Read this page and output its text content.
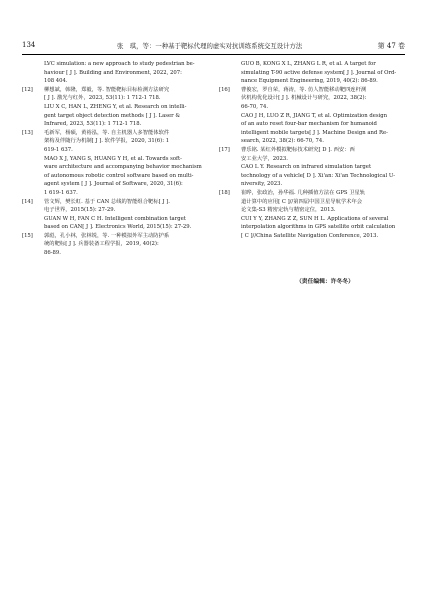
134	张　琪，等：一种基于靶标代理的虚实对抗训练系统交互设计方法	第 47 卷
LVC simulation: a new approach to study pedestrian be-
haviour [ J ]. Building and Environment, 2022, 207:
108 404.
[12]	柳想斌，韩隆，郑毅，等. 智能靶标目标检测方法研究
[ J ]. 激光与红外，2023, 53(11): 1 712-1 718.
LIU X C, HAN L, ZHENG Y, et al. Research on intelli-
gent target object detection methods [ J ]. Laser &
Infrared, 2023, 53(11): 1 712-1 718.
[13]	毛新军，杨硕，黄裕泓，等. 自主机器人多智能体软件
架构及伴随行为机制[ J ]. 软件学报，2020, 31(6): 1
619-1 637.
MAO X J, YANG S, HUANG Y H, et al. Towards soft-
ware architecture and accompanying behavior mechanism
of autonomous robotic control software based on multi-
agent system [ J ]. Journal of Software, 2020, 31(6):
1 619-1 637.
[14]	管文辉，樊长虹. 基于 CAN 总线的智能组合靶标[ J ].
电子世界，2015(15): 27-29.
GUAN W H, FAN C H. Intelligent combination target
based on CAN[ J ]. Electronics World, 2015(15): 27-29.
[15]	郭彪，孔小林，张林锐，等. 一种模拟外军主动防护系
统的靶标[ J ]. 兵器装备工程学报，2019, 40(2):
86-89.
GUO B, KONG X L, ZHANG L R, et al. A target for
simulating T-90 active defense system[ J ]. Journal of Ord-
nance Equipment Engineering, 2019, 40(2): 86-89.
[16]	曹俊宏，罗自荣，蒋涛，等. 仿人智能移动靶四连杆测
伏机构优化设计[ J ]. 机械设计与研究，2022, 38(2):
66-70, 74.
CAO J H, LUO Z R, JIANG T, et al. Optimization design
of an auto reset four-bar mechanism for humanoid
intelligent mobile targets[ J ]. Machine Design and Re-
search, 2022, 38(2): 66-70, 74.
[17]	曹乐铭. 某红外模拟靶标技术研究[ D ]. 西安：西
安工业大学，2023.
CAO L Y. Research on infrared simulation target
technology of a vehicle[ D ]. Xi'an: Xi'an Technological U-
niversity, 2023.
[18]	崔晔，张政治，孙华福. 几种插值方法在 GPS 卫星轨
道计算中的应用[ C ]//第四届中国卫星导航学术年会
论文集-S3 精密定轨与精密定位，2013.
CUI Y Y, ZHANG Z Z, SUN H L. Applications of several
interpolation algorithms in GPS satellite orbit calculation
[ C ]//China Satellite Navigation Conference, 2013.
（责任编辑：许冬冬）
